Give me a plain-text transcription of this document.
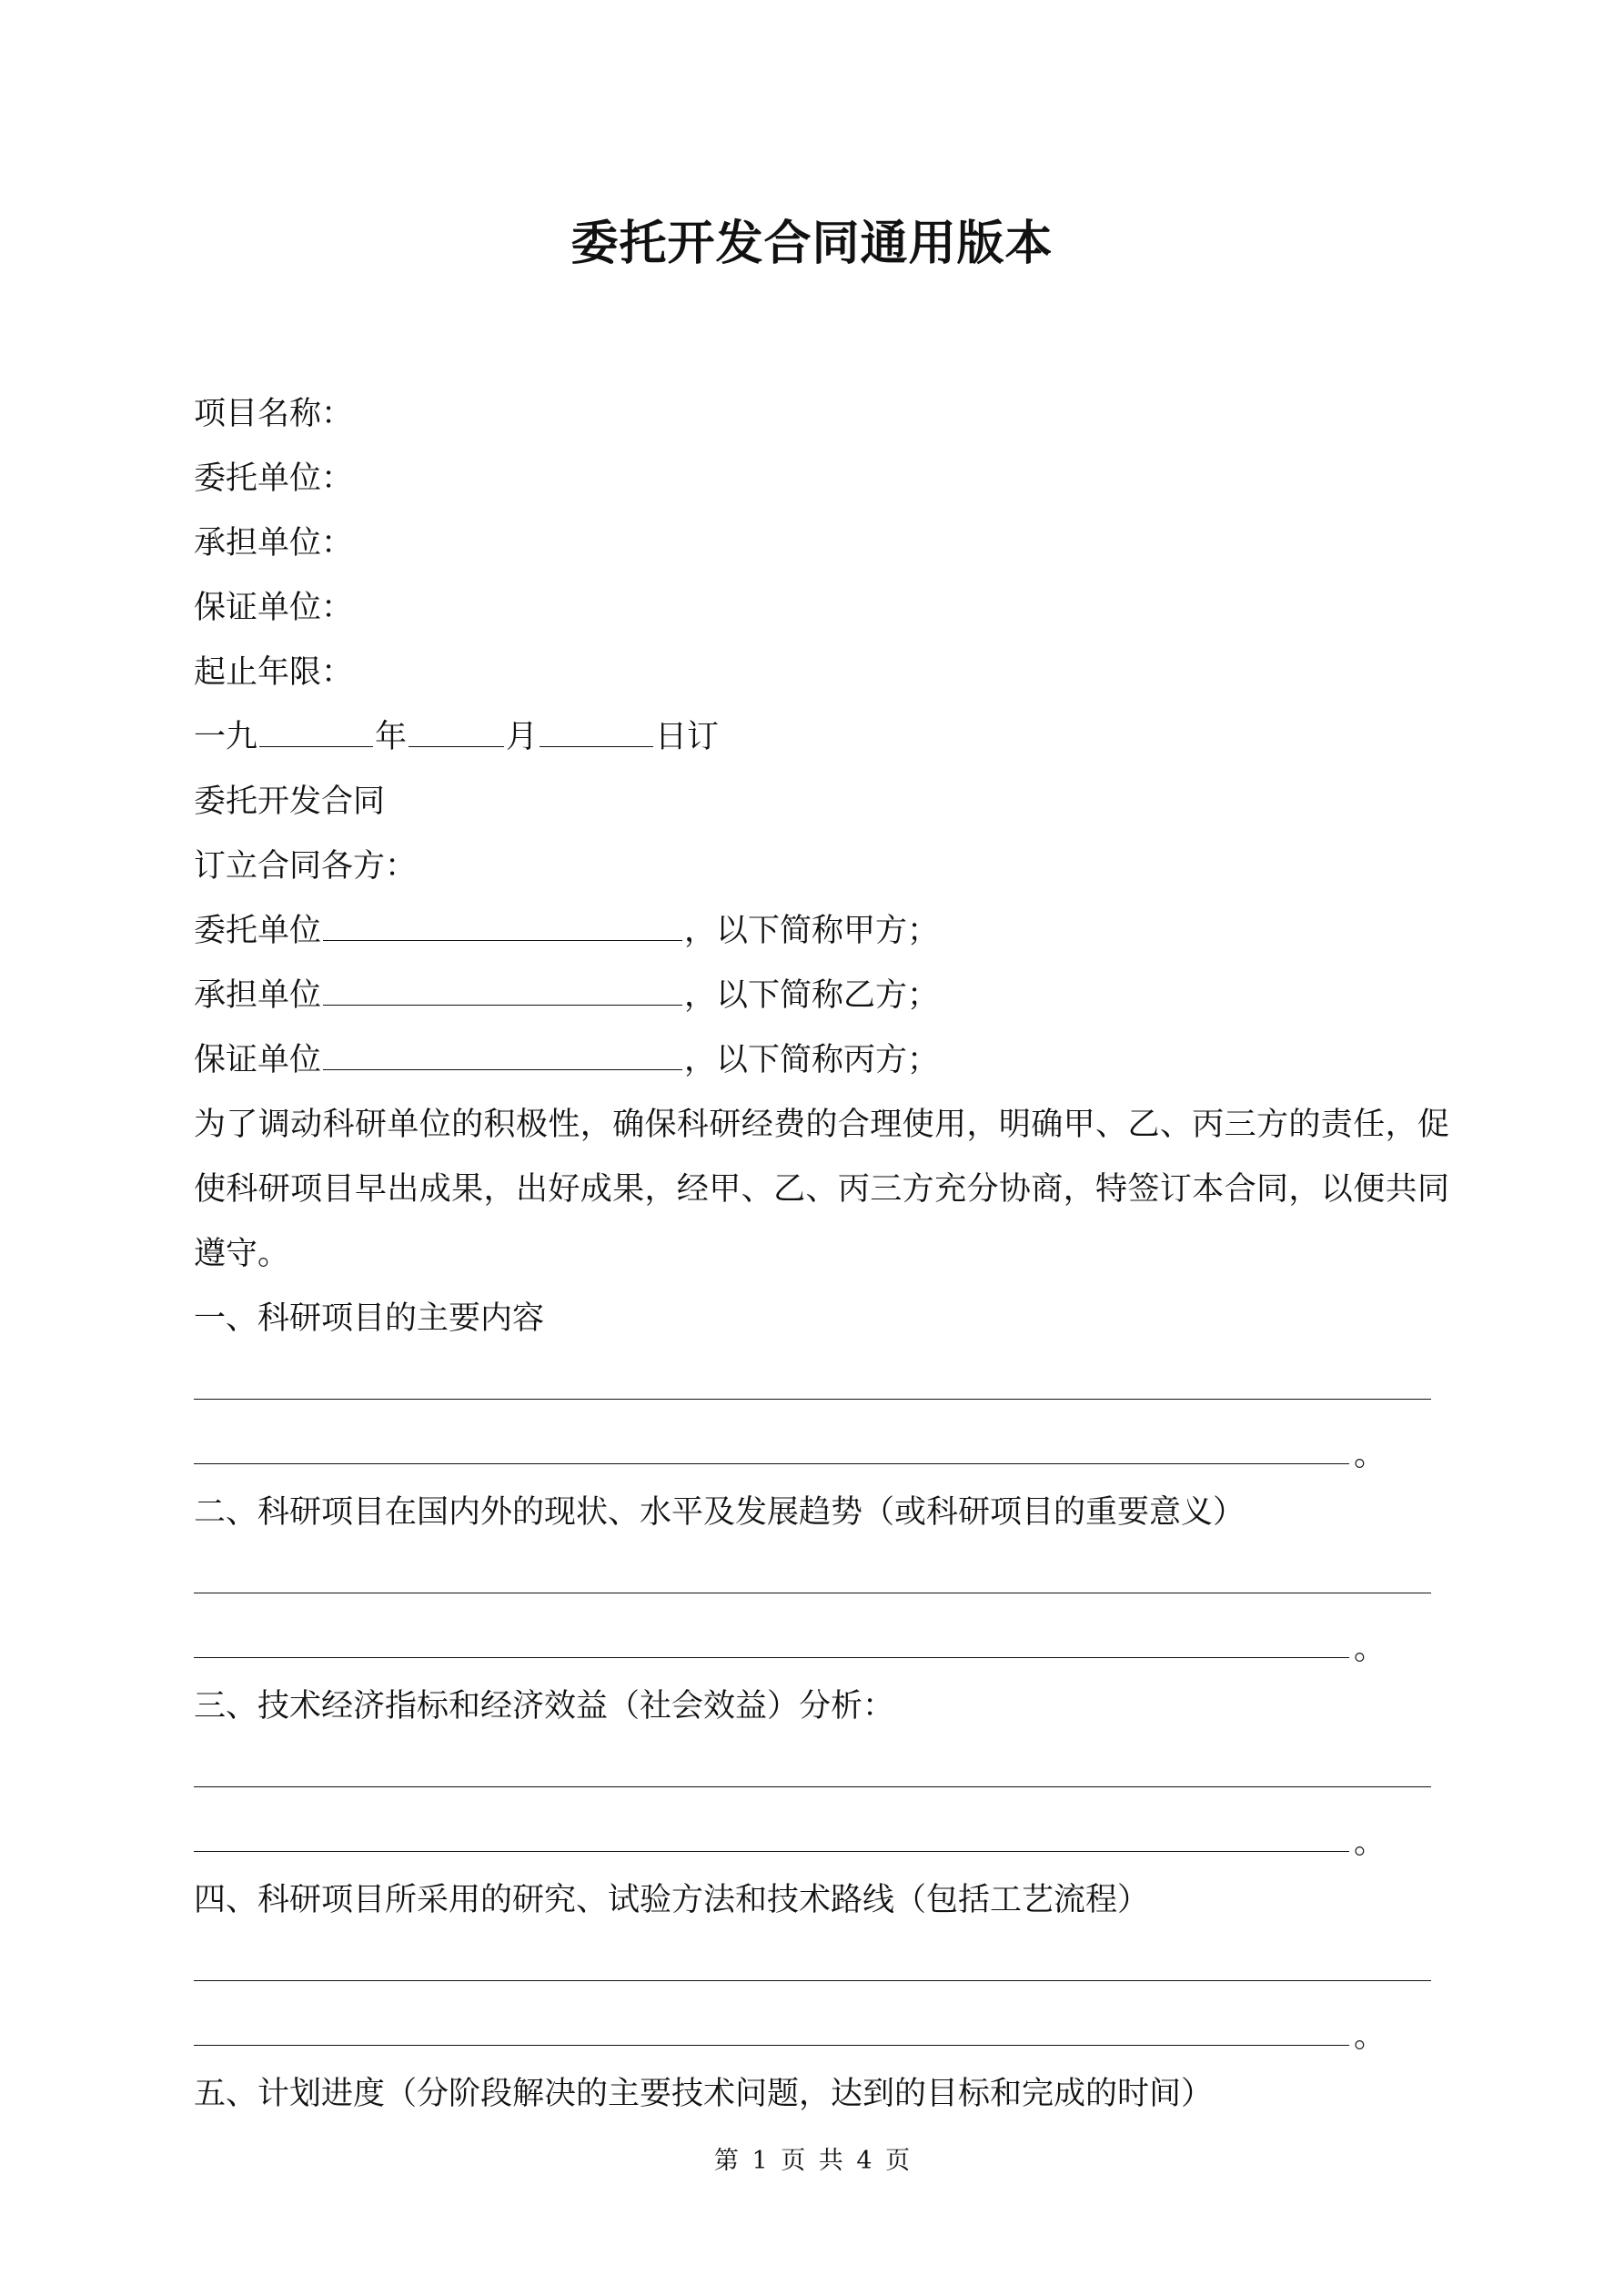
委托开发合同通用版本

项目名称：

委托单位：

承担单位：

保证单位：

起止年限：

一九	年	月	日订

委托开发合同

订立合同各方：

委托单位	，以下简称甲方；

承担单位	，以下简称乙方；

保证单位	，以下简称丙方；

为了调动科研单位的积极性，确保科研经费的合理使用，明确甲、乙、丙三方的责任，促使科研项目早出成果，出好成果，经甲、乙、丙三方充分协商，特签订本合同，以便共同遵守。

一、科研项目的主要内容

。

二、科研项目在国内外的现状、水平及发展趋势（或科研项目的重要意义）

。

三、技术经济指标和经济效益（社会效益）分析：

。

四、科研项目所采用的研究、试验方法和技术路线（包括工艺流程）

。

五、计划进度（分阶段解决的主要技术问题，达到的目标和完成的时间）

第 1 页 共 4 页
